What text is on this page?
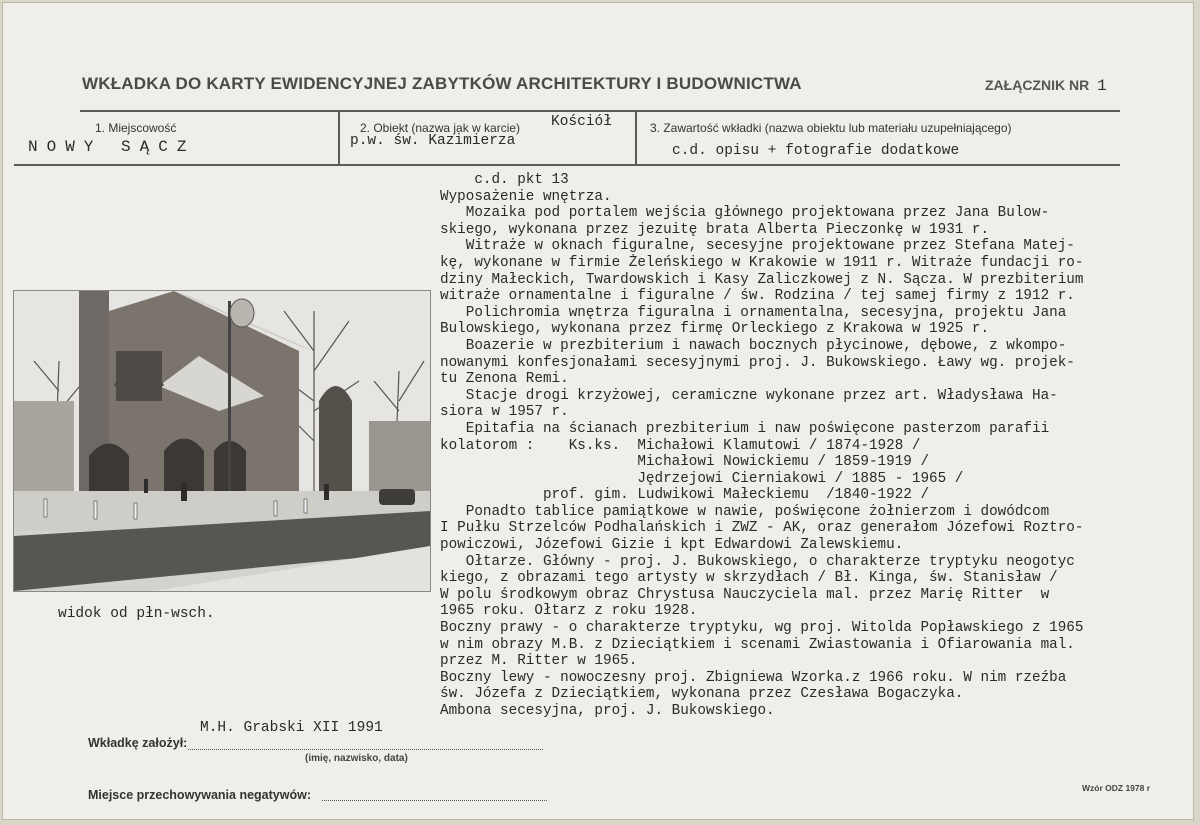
WKŁADKA DO KARTY EWIDENCYJNEJ ZABYTKÓW ARCHITEKTURY I BUDOWNICTWA	ZAŁĄCZNIK NR 1
1. Miejscowość
NOWY SĄCZ
2. Obiekt (nazwa jak w karcie) Kościół
p.w. św. Kazimierza
3. Zawartość wkładki (nazwa obiektu lub materiału uzupełniającego)
c.d. opisu + fotografie dodatkowe
widok od płn-wsch.
c.d. pkt 13
Wyposażenie wnętrza.
Mozaika pod portalem wejścia głównego projektowana przez Jana Bulow-
skiego, wykonana przez jezuitę brata Alberta Pieczonkę w 1931 r.
Witraże w oknach figuralne, secesyjne projektowane przez Stefana Matej-
kę, wykonane w firmie Żeleńskiego w Krakowie w 1911 r. Witraże fundacji ro-
dziny Małeckich, Twardowskich i Kasy Zaliczkowej z N. Sącza. W prezbiterium
witraże ornamentalne i figuralne / św. Rodzina / tej samej firmy z 1912 r.
Polichromia wnętrza figuralna i ornamentalna, secesyjna, projektu Jana
Bulowskiego, wykonana przez firmę Orleckiego z Krakowa w 1925 r.
Boazerie w prezbiterium i nawach bocznych płycinowe, dębowe, z wkompo-
nowanymi konfesjonałami secesyjnymi proj. J. Bukowskiego. Ławy wg. projek-
tu Zenona Remi.
Stacje drogi krzyżowej, ceramiczne wykonane przez art. Władysława Ha-
siora w 1957 r.
Epitafia na ścianach prezbiterium i naw poświęcone pasterzom parafii
kolatorom :    Ks.ks.  Michałowi Klamutowi / 1874-1928 /
Michałowi Nowickiemu / 1859-1919 /
Jędrzejowi Cierniakowi / 1885 - 1965 /
prof. gim. Ludwikowi Małeckiemu  /1840-1922 /
Ponadto tablice pamiątkowe w nawie, poświęcone żołnierzom i dowódcom
I Pułku Strzelców Podhalańskich i ZWZ - AK, oraz generałom Józefowi Roztro-
powiczowi, Józefowi Gizie i kpt Edwardowi Zalewskiemu.
Ołtarze. Główny - proj. J. Bukowskiego, o charakterze tryptyku neogotyc
kiego, z obrazami tego artysty w skrzydłach / Bł. Kinga, św. Stanisław /
W polu środkowym obraz Chrystusa Nauczyciela mal. przez Marię Ritter  w
1965 roku. Ołtarz z roku 1928.
Boczny prawy - o charakterze tryptyku, wg proj. Witolda Popławskiego z 1965
w nim obrazy M.B. z Dzieciątkiem i scenami Zwiastowania i Ofiarowania mal.
przez M. Ritter w 1965.
Boczny lewy - nowoczesny proj. Zbigniewa Wzorka.z 1966 roku. W nim rzeźba
św. Józefa z Dzieciątkiem, wykonana przez Czesława Bogaczyka.
Ambona secesyjna, proj. J. Bukowskiego.
M.H. Grabski XII 1991
Wkładkę założył:
(imię, nazwisko, data)
Miejsce przechowywania negatywów:	Wzór ODZ 1978 r
